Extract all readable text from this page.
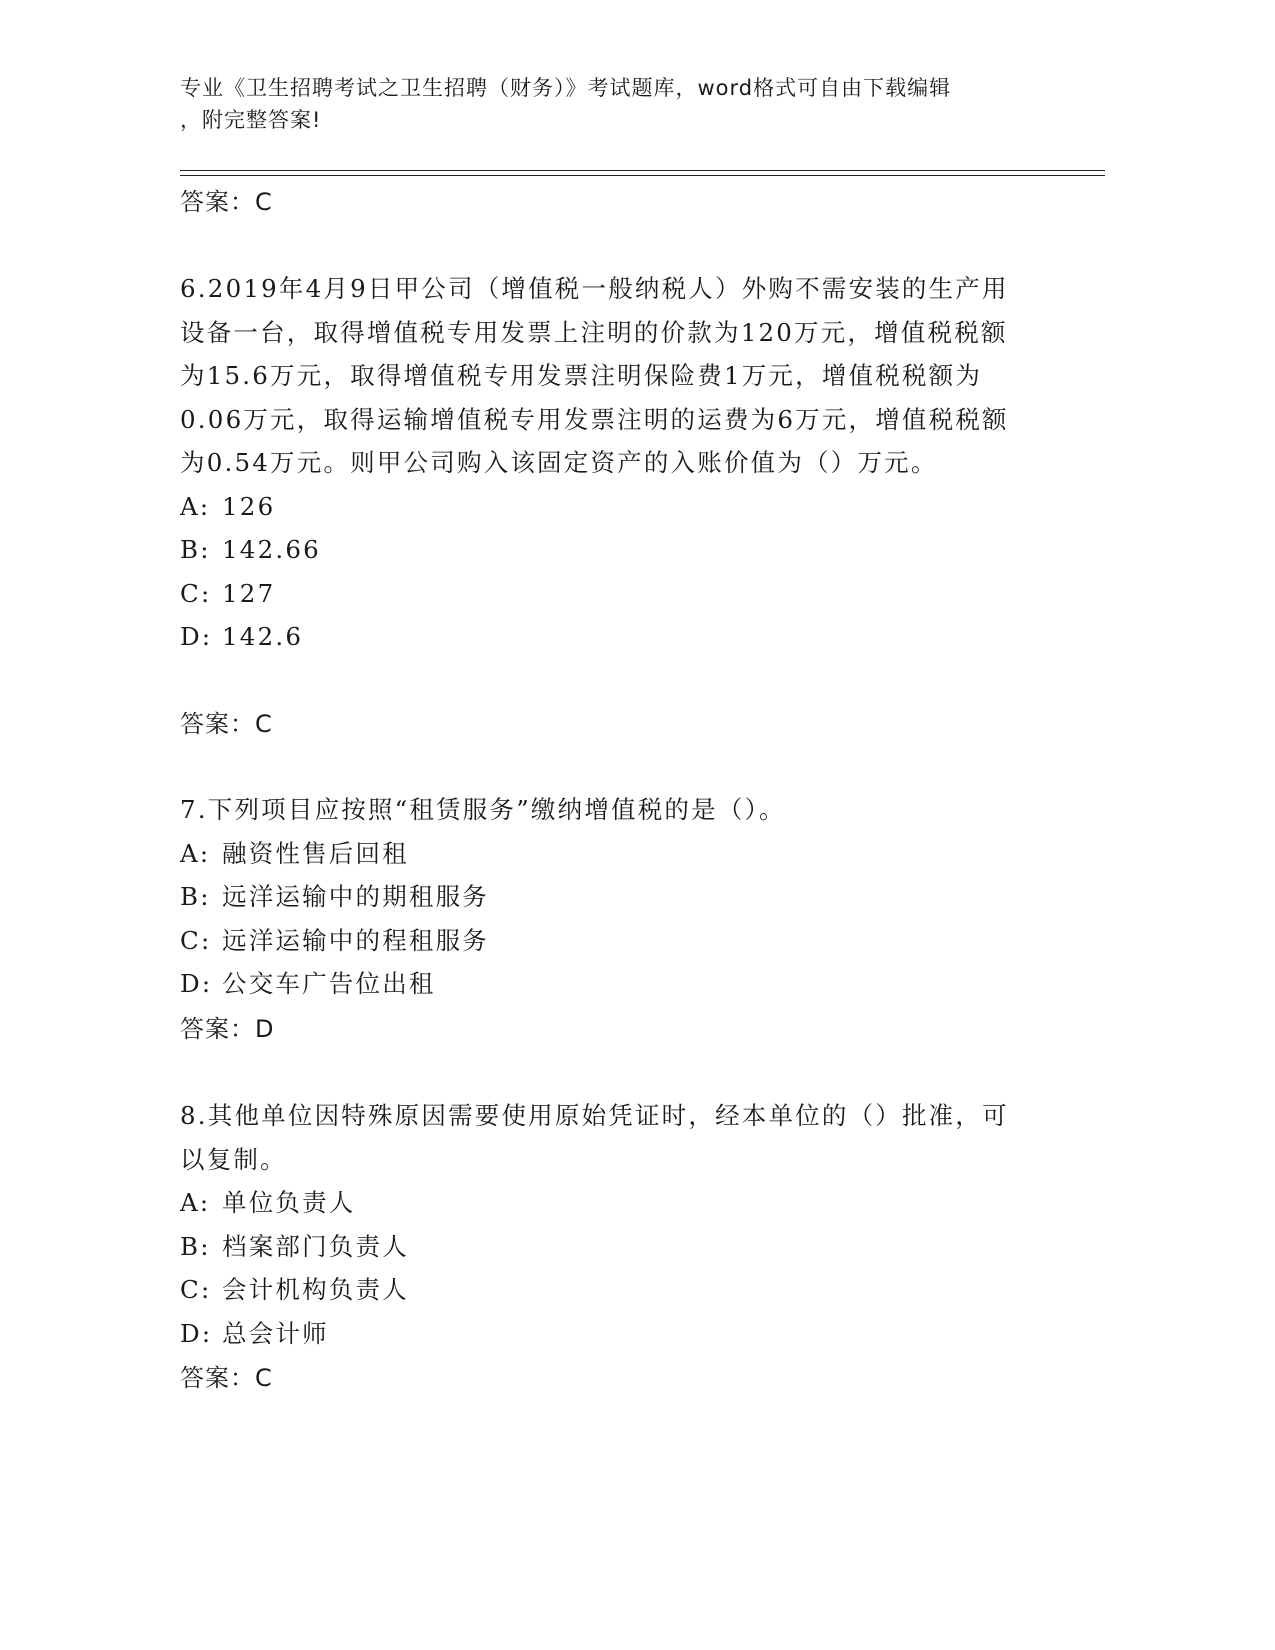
专业《卫生招聘考试之卫生招聘（财务）》考试题库，word格式可自由下载编辑
，附完整答案!
答案：C

6.2019年4月9日甲公司（增值税一般纳税人）外购不需安装的生产用设备一台，取得增值税专用发票上注明的价款为120万元，增值税税额为15.6万元，取得增值税专用发票注明保险费1万元，增值税税额为0.06万元，取得运输增值税专用发票注明的运费为6万元，增值税税额为0.54万元。则甲公司购入该固定资产的入账价值为（）万元。

A: 126

B: 142.66

C: 127

D: 142.6

答案：C

7.下列项目应按照“租赁服务”缴纳增值税的是（）。

A: 融资性售后回租

B: 远洋运输中的期租服务

C: 远洋运输中的程租服务

D: 公交车广告位出租

答案：D

8.其他单位因特殊原因需要使用原始凭证时，经本单位的（）批准，可以复制。

A: 单位负责人

B: 档案部门负责人

C: 会计机构负责人

D: 总会计师

答案：C
